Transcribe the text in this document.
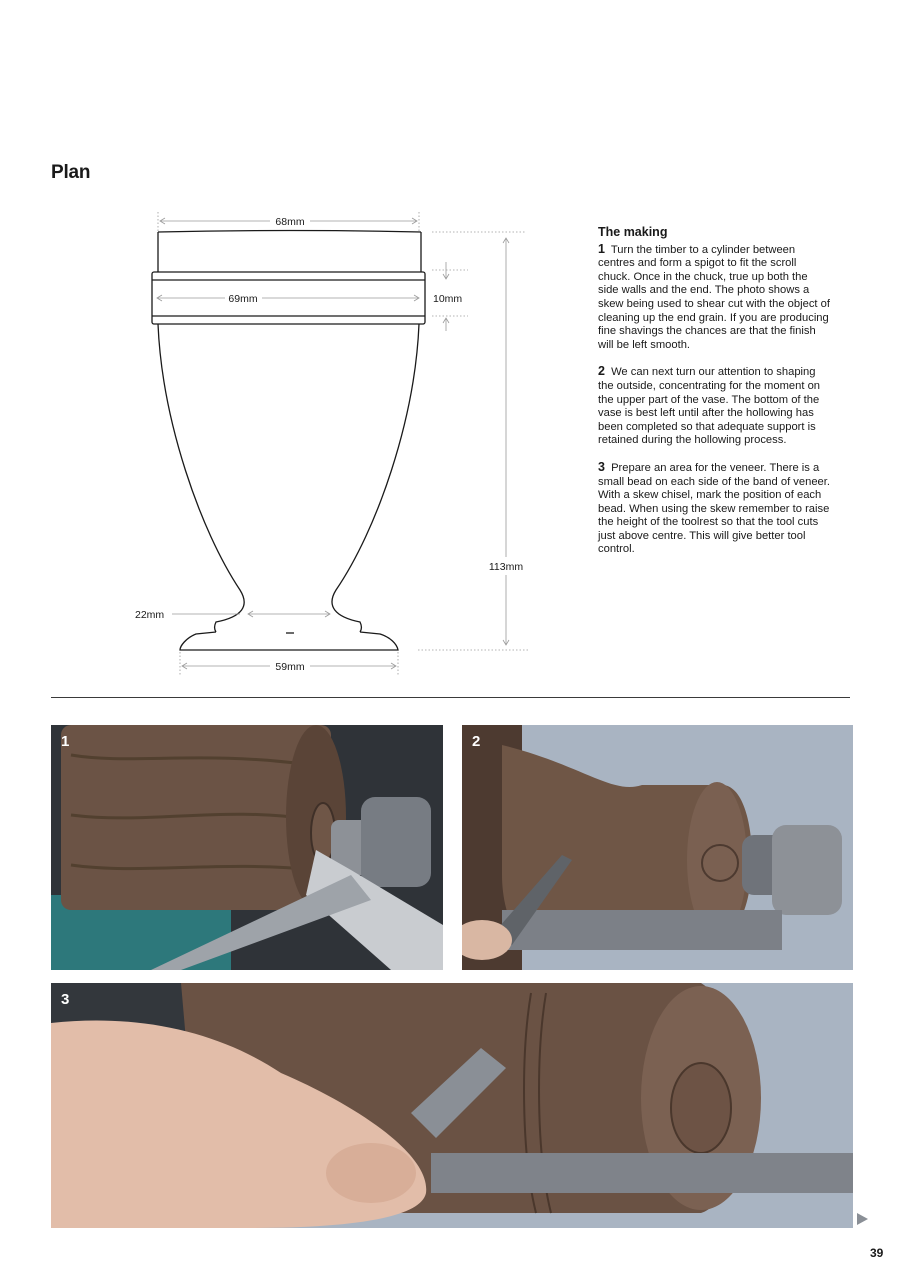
Plan
68mm
69mm	10mm
113mm
22mm
59mm
The making

1 Turn the timber to a cylinder between centres and form a spigot to fit the scroll chuck. Once in the chuck, true up both the side walls and the end. The photo shows a skew being used to shear cut with the object of cleaning up the end grain. If you are producing fine shavings the chances are that the finish will be left smooth.

2 We can next turn our attention to shaping the outside, concentrating for the moment on the upper part of the vase. The bottom of the vase is best left until after the hollowing has been completed so that adequate support is retained during the hollowing process.

3 Prepare an area for the veneer. There is a small bead on each side of the band of veneer. With a skew chisel, mark the position of each bead. When using the skew remember to raise the height of the toolrest so that the tool cuts just above centre. This will give better tool control.

1	2
3
39
